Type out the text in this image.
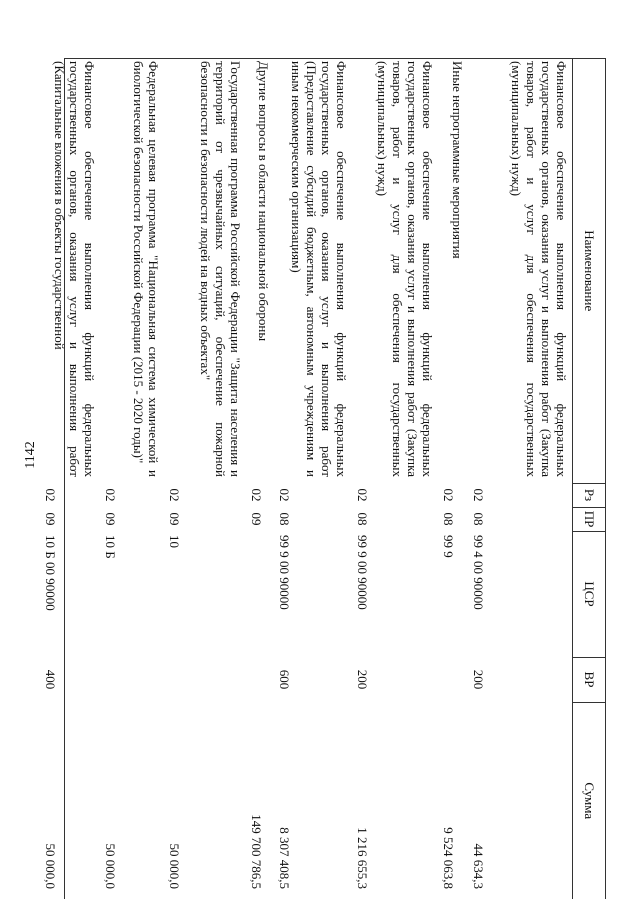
1142
Наименование	Рз	ПР	ЦСР	ВР	Сумма
Финансовое обеспечение выполнения функций федеральных государственных органов, оказания услуг и выполнения работ (Закупка товаров, работ и услуг для обеспечения государственных (муниципальных) нужд)	02	08	99 4 00 90000	200	44 634,3
Иные непрограммные мероприятия	02	08	99 9		9 524 063,8
Финансовое обеспечение выполнения функций федеральных государственных органов, оказания услуг и выполнения работ (Закупка товаров, работ и услуг для обеспечения государственных (муниципальных) нужд)	02	08	99 9 00 90000	200	1 216 655,3
Финансовое обеспечение выполнения функций федеральных государственных органов, оказания услуг и выполнения работ (Предоставление субсидий бюджетным, автономным учреждениям и иным некоммерческим организациям)	02	08	99 9 00 90000	600	8 307 408,5
Другие вопросы в области национальной обороны	02	09			149 700 786,5
Государственная программа Российской Федерации "Защита населения и территорий от чрезвычайных ситуаций, обеспечение пожарной безопасности и безопасности людей на водных объектах"	02	09	10		50 000,0
Федеральная целевая программа "Национальная система химической и биологической безопасности Российской Федерации (2015 - 2020 годы)"	02	09	10 Б		50 000,0
Финансовое обеспечение выполнения функций федеральных государственных органов, оказания услуг и выполнения работ (Капитальные вложения в объекты государственной	02	09	10 Б 00 90000	400	50 000,0
